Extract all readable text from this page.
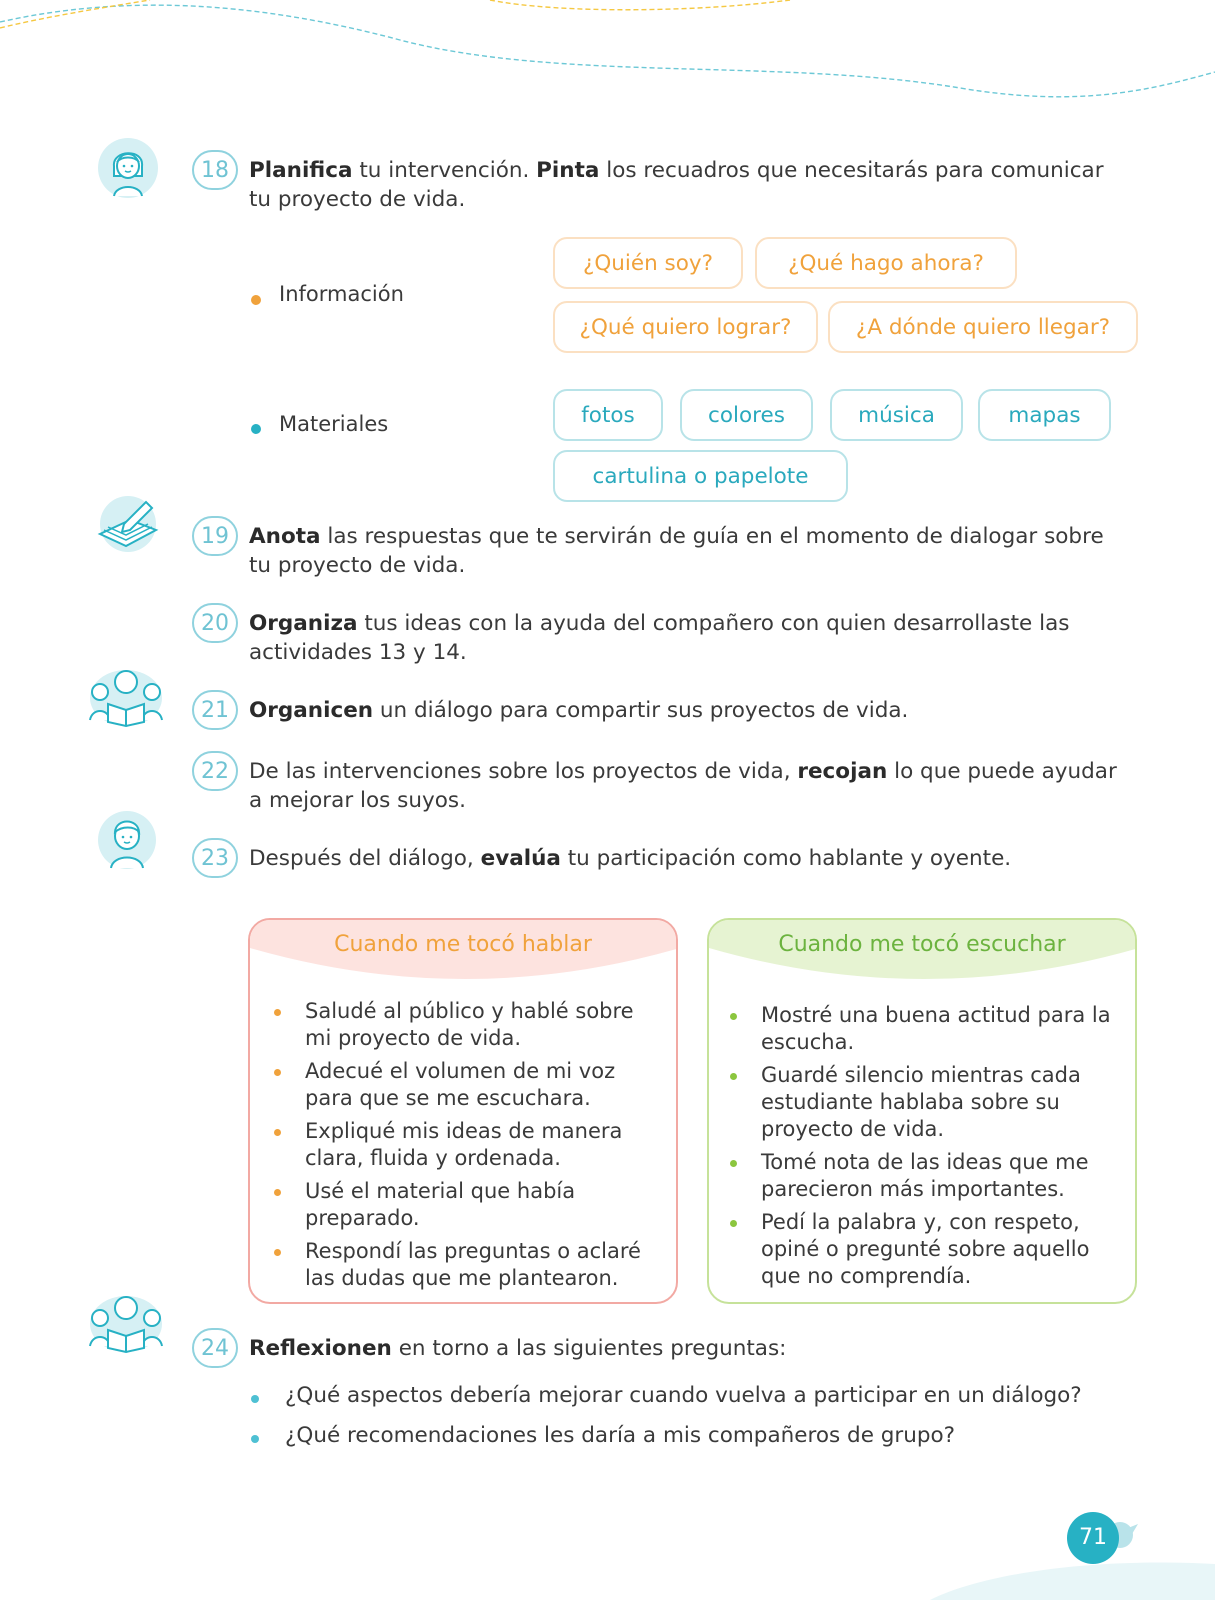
18 Planifica tu intervención. Pinta los recuadros que necesitarás para comunicar tu proyecto de vida.
Información
¿Quién soy?	¿Qué hago ahora?
¿Qué quiero lograr?	¿A dónde quiero llegar?
Materiales	fotos	colores	música	mapas
cartulina o papelote
19 Anota las respuestas que te servirán de guía en el momento de dialogar sobre tu proyecto de vida.
20 Organiza tus ideas con la ayuda del compañero con quien desarrollaste las actividades 13 y 14.
21 Organicen un diálogo para compartir sus proyectos de vida.
22 De las intervenciones sobre los proyectos de vida, recojan lo que puede ayudar a mejorar los suyos.
23 Después del diálogo, evalúa tu participación como hablante y oyente.
Cuando me tocó hablar
Saludé al público y hablé sobre mi proyecto de vida.
Adecué el volumen de mi voz para que se me escuchara.
Expliqué mis ideas de manera clara, fluida y ordenada.
Usé el material que había preparado.
Respondí las preguntas o aclaré las dudas que me plantearon.
Cuando me tocó escuchar
Mostré una buena actitud para la escucha.
Guardé silencio mientras cada estudiante hablaba sobre su proyecto de vida.
Tomé nota de las ideas que me parecieron más importantes.
Pedí la palabra y, con respeto, opiné o pregunté sobre aquello que no comprendía.
24 Reflexionen en torno a las siguientes preguntas:
¿Qué aspectos debería mejorar cuando vuelva a participar en un diálogo?
¿Qué recomendaciones les daría a mis compañeros de grupo?
71
